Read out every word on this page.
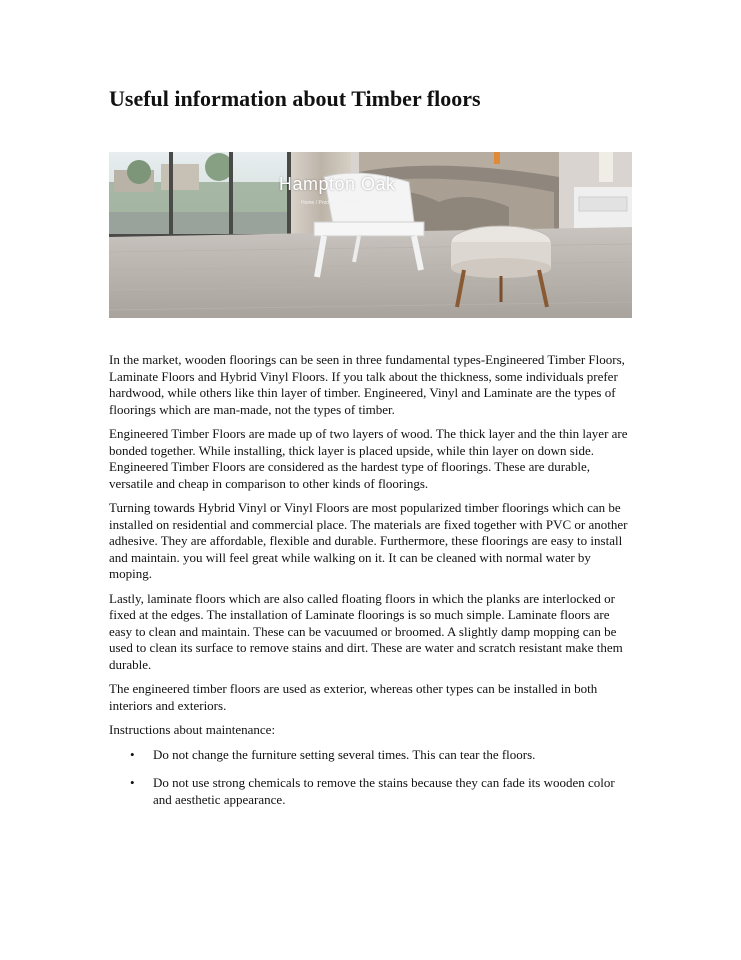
Useful information about Timber floors
Hampton Oak
Home / Products / Hampton Oak

In the market, wooden floorings can be seen in three fundamental types-Engineered Timber Floors, Laminate Floors and Hybrid Vinyl Floors. If you talk about the thickness, some individuals prefer hardwood, while others like thin layer of timber. Engineered, Vinyl and Laminate are the types of floorings which are man-made, not the types of timber.

Engineered Timber Floors are made up of two layers of wood. The thick layer and the thin layer are bonded together. While installing, thick layer is placed upside, while thin layer on down side. Engineered Timber Floors are considered as the hardest type of floorings. These are durable, versatile and cheap in comparison to other kinds of floorings.

Turning towards Hybrid Vinyl or Vinyl Floors are most popularized timber floorings which can be installed on residential and commercial place. The materials are fixed together with PVC or another adhesive. They are affordable, flexible and durable. Furthermore, these floorings are easy to install and maintain. you will feel great while walking on it. It can be cleaned with normal water by moping.

Lastly, laminate floors which are also called floating floors in which the planks are interlocked or fixed at the edges. The installation of Laminate floorings is so much simple. Laminate floors are easy to clean and maintain. These can be vacuumed or broomed. A slightly damp mopping can be used to clean its surface to remove stains and dirt. These are water and scratch resistant make them durable.

The engineered timber floors are used as exterior, whereas other types can be installed in both interiors and exteriors.

Instructions about maintenance:

• Do not change the furniture setting several times. This can tear the floors.
• Do not use strong chemicals to remove the stains because they can fade its wooden color and aesthetic appearance.
